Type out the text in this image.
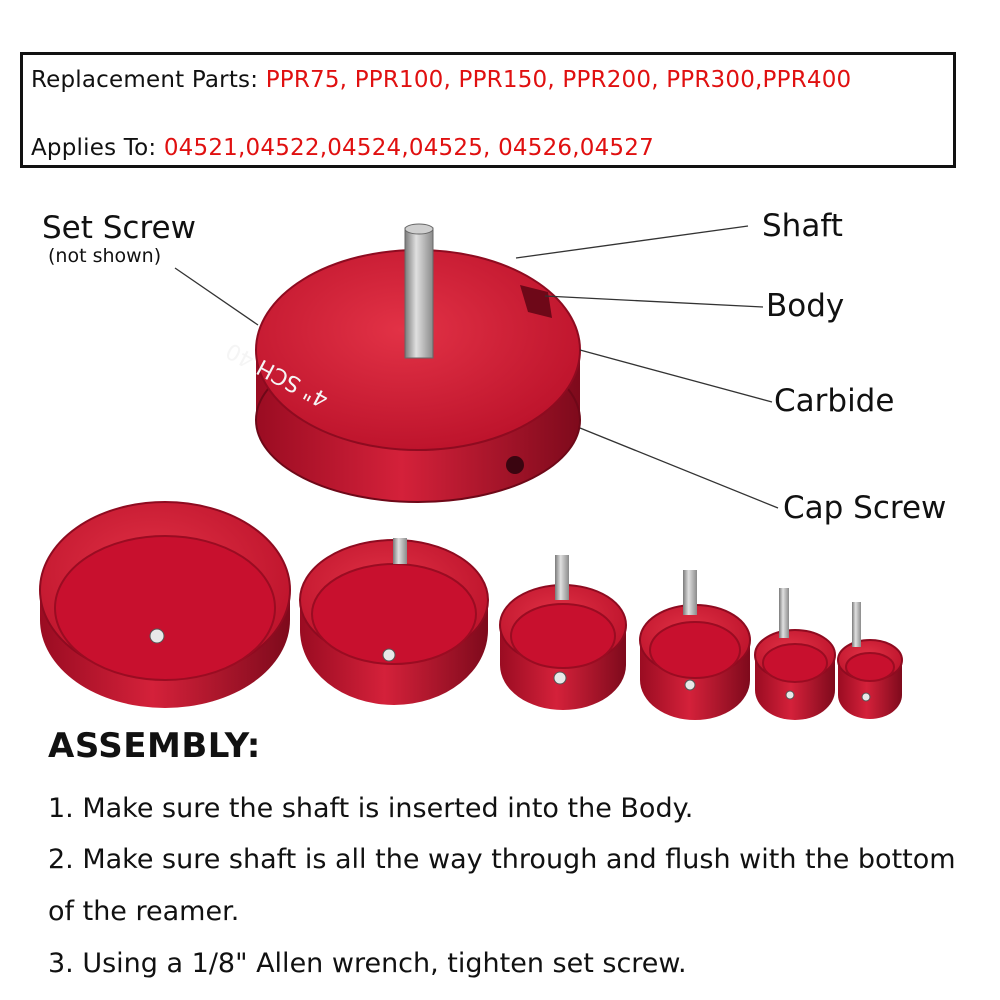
Replacement Parts: PPR75, PPR100, PPR150, PPR200, PPR300,PPR400
Applies To: 04521,04522,04524,04525, 04526,04527
4" SCH 40
Set Screw
(not shown)
Shaft
Body
Carbide
Cap Screw
ASSEMBLY:
1. Make sure the shaft is inserted into the Body.
2. Make sure shaft is all the way through and flush with the bottom
of the reamer.
3. Using a 1/8" Allen wrench, tighten set screw.
